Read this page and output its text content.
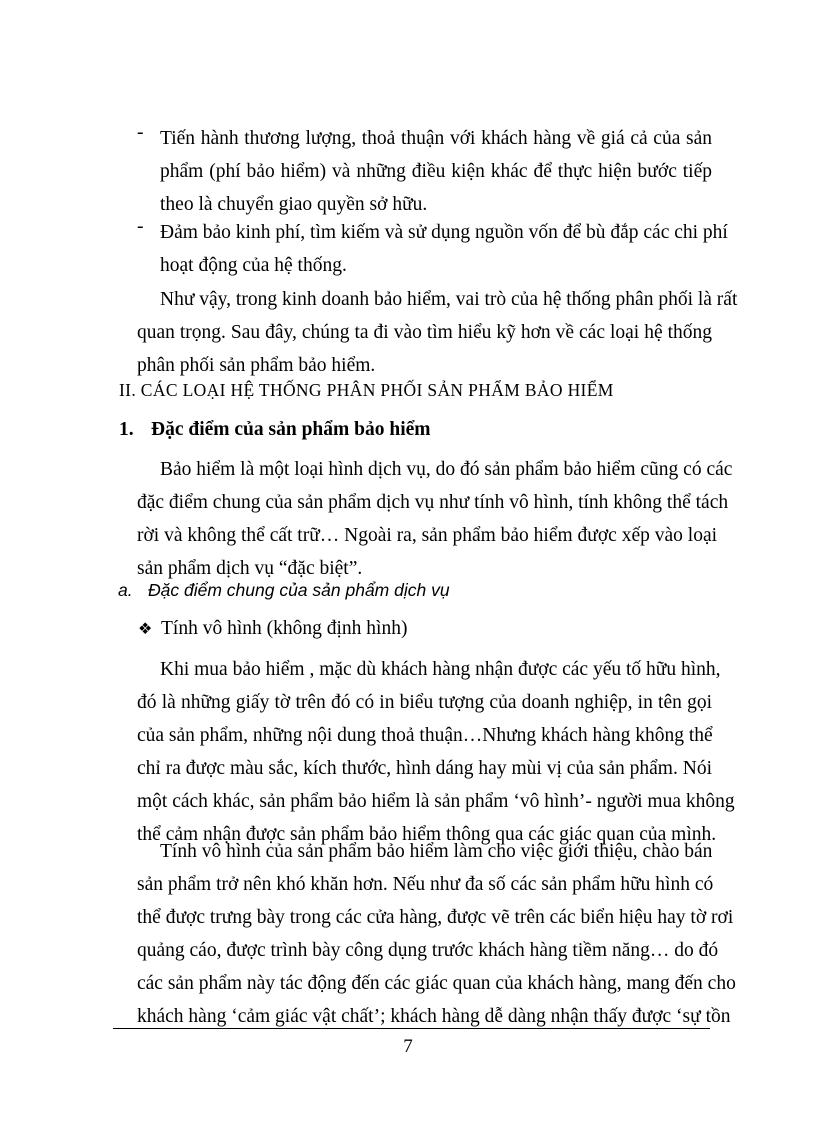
- Tiến hành thương lượng, thoả thuận với khách hàng về giá cả của sản
phẩm (phí bảo hiểm) và những điều kiện khác để thực hiện bước tiếp
theo là chuyển giao quyền sở hữu.
- Đảm bảo kinh phí, tìm kiếm và sử dụng nguồn vốn để bù đắp các chi phí
hoạt động của hệ thống.
Như vậy, trong kinh doanh bảo hiểm, vai trò của hệ thống phân phối là rất
quan trọng. Sau đây, chúng ta đi vào tìm hiểu kỹ hơn về các loại hệ thống
phân phối sản phẩm bảo hiểm.
II. CÁC LOẠI HỆ THỐNG PHÂN PHỐI SẢN PHẨM BẢO HIỂM
1. Đặc điểm của sản phẩm bảo hiểm
Bảo hiểm là một loại hình dịch vụ, do đó sản phẩm bảo hiểm cũng có các
đặc điểm chung của sản phẩm dịch vụ như tính vô hình, tính không thể tách
rời và không thể cất trữ… Ngoài ra, sản phẩm bảo hiểm được xếp vào loại
sản phẩm dịch vụ “đặc biệt”.
a. Đặc điểm chung của sản phẩm dịch vụ
❖ Tính vô hình (không định hình)
Khi mua bảo hiểm , mặc dù khách hàng nhận được các yếu tố hữu hình,
đó là những giấy tờ trên đó có in biểu tượng của doanh nghiệp, in tên gọi
của sản phẩm, những nội dung thoả thuận…Nhưng khách hàng không thể
chỉ ra được màu sắc, kích thước, hình dáng hay mùi vị của sản phẩm. Nói
một cách khác, sản phẩm bảo hiểm là sản phẩm ‘vô hình’- người mua không
thể cảm nhận được sản phẩm bảo hiểm thông qua các giác quan của mình.
Tính vô hình của sản phẩm bảo hiểm làm cho việc giới thiệu, chào bán
sản phẩm trở nên khó khăn hơn. Nếu như đa số các sản phẩm hữu hình có
thể được trưng bày trong các cửa hàng, được vẽ trên các biển hiệu hay tờ rơi
quảng cáo, được trình bày công dụng trước khách hàng tiềm năng… do đó
các sản phẩm này tác động đến các giác quan của khách hàng, mang đến cho
khách hàng ‘cảm giác vật chất’; khách hàng dễ dàng nhận thấy được ‘sự tồn
7
